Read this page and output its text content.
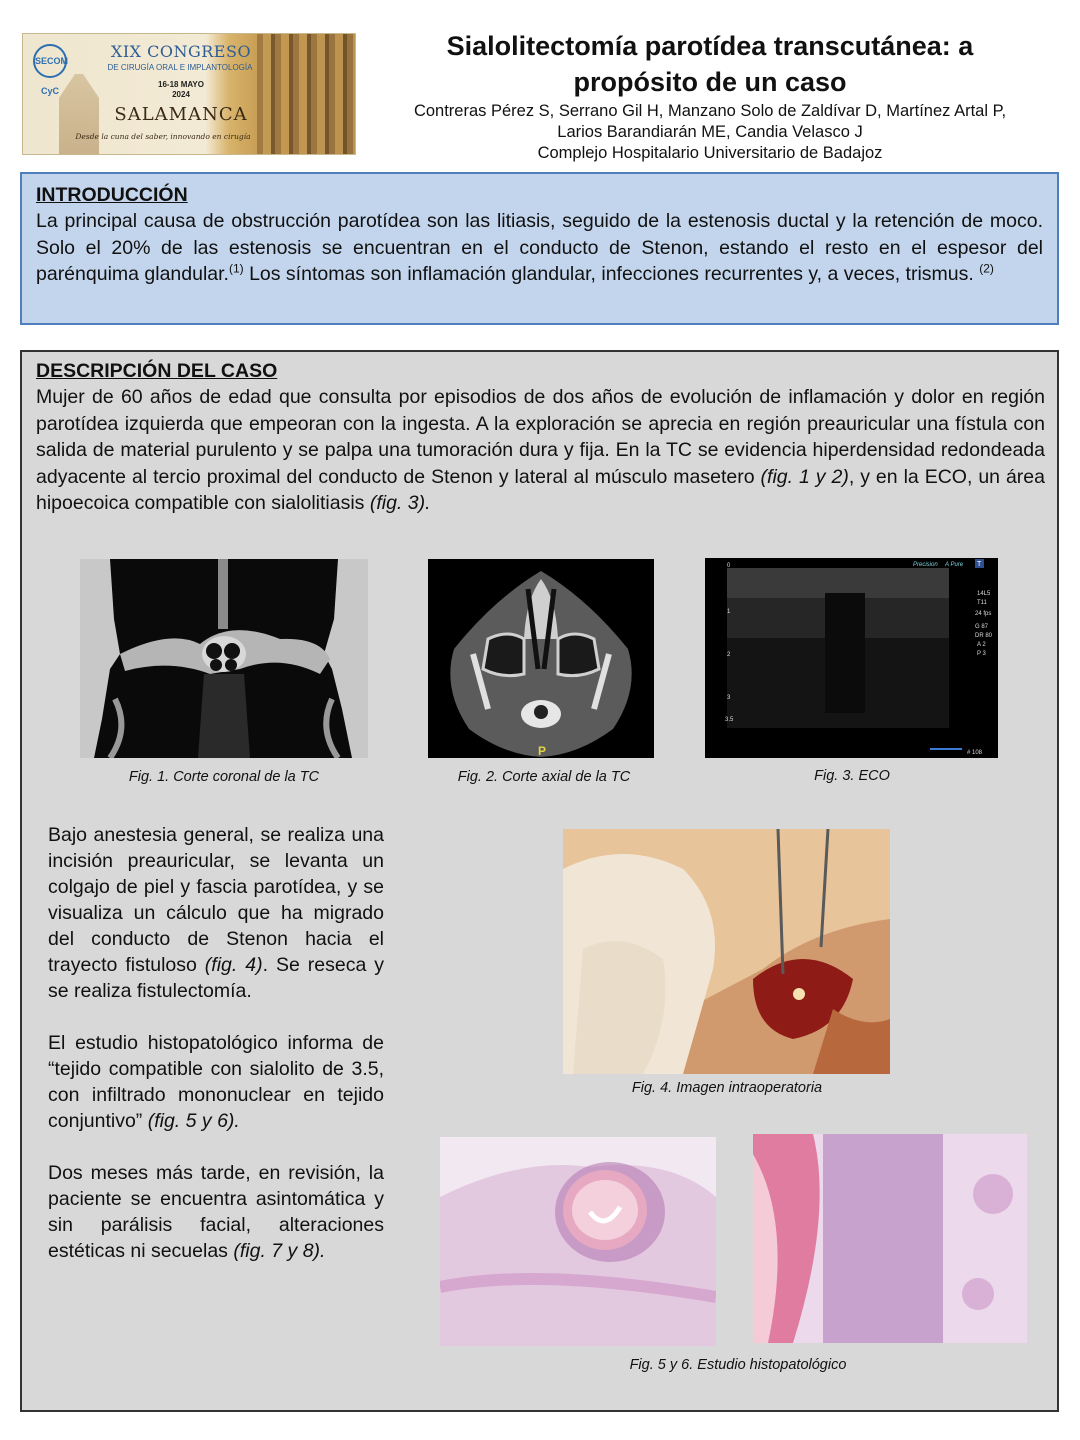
SECOM CyC
XIX CONGRESO
DE CIRUGÍA ORAL E IMPLANTOLOGÍA
16-18 MAYO
2024
SALAMANCA
Desde la cuna del saber, innovando en cirugía
Sialolitectomía parotídea transcutánea: a
propósito de un caso
Contreras Pérez S, Serrano Gil H, Manzano Solo de Zaldívar D, Martínez Artal P,
Larios Barandiarán ME, Candia Velasco J
Complejo Hospitalario Universitario de Badajoz
INTRODUCCIÓN
La principal causa de obstrucción parotídea son las litiasis, seguido de la estenosis ductal y la retención de moco. Solo el 20% de las estenosis se encuentran en el conducto de Stenon, estando el resto en el espesor del parénquima glandular.$^{(1)}$ Los síntomas son inflamación glandular, infecciones recurrentes y, a veces, trismus. $^{(2)}$
DESCRIPCIÓN DEL CASO
Mujer de 60 años de edad que consulta por episodios de dos años de evolución de inflamación y dolor en región parotídea izquierda que empeoran con la ingesta. A la exploración se aprecia en región preauricular una fístula con salida de material purulento y se palpa una tumoración dura y fija. En la TC se evidencia hiperdensidad redondeada adyacente al tercio proximal del conducto de Stenon y lateral al músculo masetero (fig. 1 y 2), y en la ECO, un área hipoecoica compatible con sialolitiasis (fig. 3).
Fig. 1. Corte coronal de la TC
P
Fig. 2. Corte axial de la TC
Precision A Pure T
14L5
T11
24 fps
G 87
DR 80
A 2
P 3
0
1
2
3
3.5
# 108
Fig. 3. ECO

Bajo anestesia general, se realiza una incisión preauricular, se levanta un colgajo de piel y fascia parotídea, y se visualiza un cálculo que ha migrado del conducto de Stenon hacia el trayecto fistuloso (fig. 4). Se reseca y se realiza fistulectomía.

El estudio histopatológico informa de “tejido compatible con sialolito de 3.5, con infiltrado mononuclear en tejido conjuntivo” (fig. 5 y 6).

Dos meses más tarde, en revisión, la paciente se encuentra asintomática y sin parálisis facial, alteraciones estéticas ni secuelas (fig. 7 y 8).

Fig. 4. Imagen intraoperatoria
Fig. 5 y 6. Estudio histopatológico
